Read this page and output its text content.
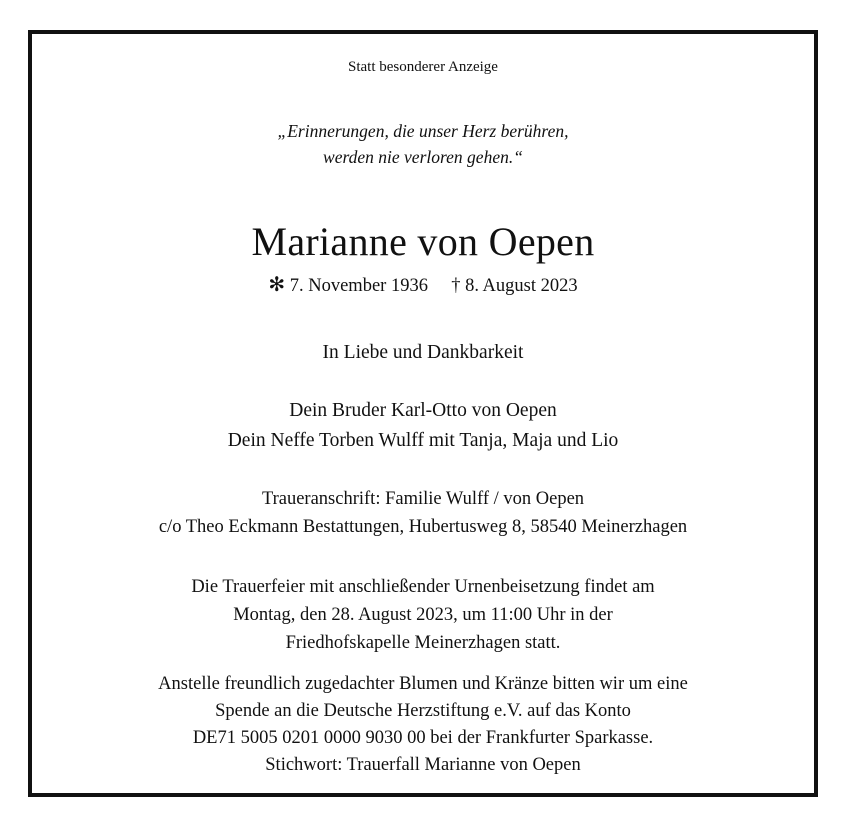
Statt besonderer Anzeige
„Erinnerungen, die unser Herz berühren,
werden nie verloren gehen.“
Marianne von Oepen
✻ 7. November 1936 † 8. August 2023
In Liebe und Dankbarkeit
Dein Bruder Karl-Otto von Oepen
Dein Neffe Torben Wulff mit Tanja, Maja und Lio
Traueranschrift: Familie Wulff / von Oepen
c/o Theo Eckmann Bestattungen, Hubertusweg 8, 58540 Meinerzhagen
Die Trauerfeier mit anschließender Urnenbeisetzung findet am
Montag, den 28. August 2023, um 11:00 Uhr in der
Friedhofskapelle Meinerzhagen statt.
Anstelle freundlich zugedachter Blumen und Kränze bitten wir um eine
Spende an die Deutsche Herzstiftung e.V. auf das Konto
DE71 5005 0201 0000 9030 00 bei der Frankfurter Sparkasse.
Stichwort: Trauerfall Marianne von Oepen
